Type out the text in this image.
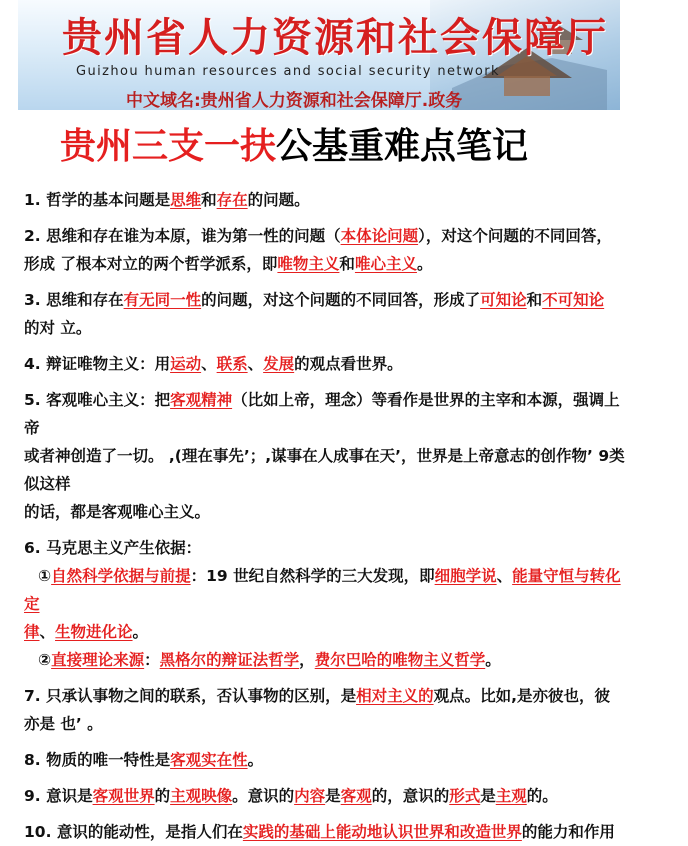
贵州省人力资源和社会保障厅
Guizhou human resources and social security network
中文域名:贵州省人力资源和社会保障厅.政务
贵州三支一扶公基重难点笔记

1. 哲学的基本问题是思维和存在的问题。

2. 思维和存在谁为本原，谁为第一性的问题（本体论问题），对这个问题的不同回答，

形成 了根本对立的两个哲学派系，即唯物主义和唯心主义。

3. 思维和存在有无同一性的问题，对这个问题的不同回答，形成了可知论和不可知论

的对 立。

4. 辩证唯物主义：用运动、联系、发展的观点看世界。

5. 客观唯心主义：把客观精神（比如上帝，理念）等看作是世界的主宰和本源，强调上

帝

或者神创造了一切。 ,(理在事先’；,谋事在人成事在天’，世界是上帝意志的创作物’ 9类似这样

的话，都是客观唯心主义。

6. 马克思主义产生依据：

①自然科学依据与前提：19 世纪自然科学的三大发现，即细胞学说、能量守恒与转化定

律、生物进化论。

②直接理论来源：黑格尔的辩证法哲学，费尔巴哈的唯物主义哲学。

7. 只承认事物之间的联系，否认事物的区别，是相对主义的观点。比如,是亦彼也，彼

亦是 也’ 。

8. 物质的唯一特性是客观实在性。

9. 意识是客观世界的主观映像。意识的内容是客观的，意识的形式是主观的。

10. 意识的能动性，是指人们在实践的基础上能动地认识世界和改造世界的能力和作用
